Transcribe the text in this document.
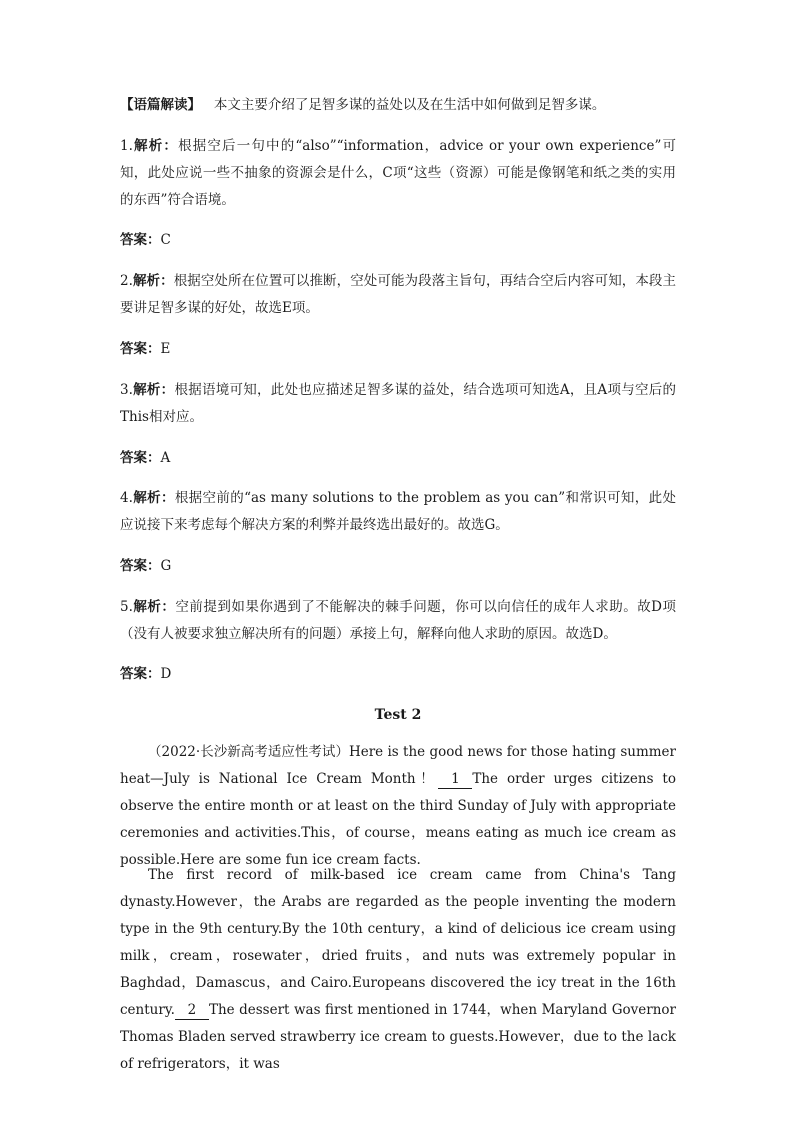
【语篇解读】 本文主要介绍了足智多谋的益处以及在生活中如何做到足智多谋。
1.解析：根据空后一句中的“also”“information，advice or your own experience”可知，此处应说一些不抽象的资源会是什么，C项“这些（资源）可能是像钢笔和纸之类的实用的东西”符合语境。
答案：C
2.解析：根据空处所在位置可以推断，空处可能为段落主旨句，再结合空后内容可知，本段主要讲足智多谋的好处，故选E项。
答案：E
3.解析：根据语境可知，此处也应描述足智多谋的益处，结合选项可知选A，且A项与空后的This相对应。
答案：A
4.解析：根据空前的“as many solutions to the problem as you can”和常识可知，此处应说接下来考虑每个解决方案的利弊并最终选出最好的。故选G。
答案：G
5.解析：空前提到如果你遇到了不能解决的棘手问题，你可以向信任的成年人求助。故D项（没有人被要求独立解决所有的问题）承接上句，解释向他人求助的原因。故选D。
答案：D
Test 2
（2022·长沙新高考适应性考试）Here is the good news for those hating summer heat—July is National Ice Cream Month！ 1 The order urges citizens to observe the entire month or at least on the third Sunday of July with appropriate ceremonies and activities.This，of course，means eating as much ice cream as possible.Here are some fun ice cream facts.
The first record of milk-based ice cream came from China's Tang dynasty.However，the Arabs are regarded as the people inventing the modern type in the 9th century.By the 10th century，a kind of delicious ice cream using milk，cream，rosewater，dried fruits，and nuts was extremely popular in Baghdad，Damascus，and Cairo.Europeans discovered the icy treat in the 16th century. 2 The dessert was first mentioned in 1744，when Maryland Governor Thomas Bladen served strawberry ice cream to guests.However，due to the lack of refrigerators，it was
